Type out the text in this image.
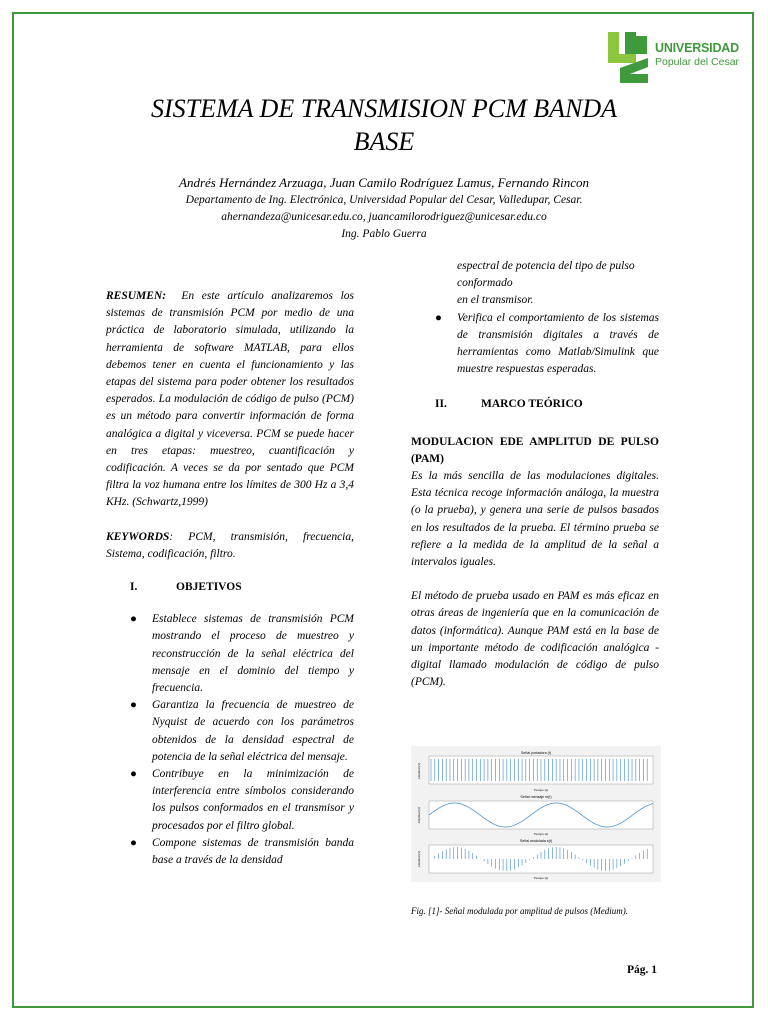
UNIVERSIDAD
Popular del Cesar
SISTEMA DE TRANSMISION PCM BANDA BASE
Andrés Hernández Arzuaga, Juan Camilo Rodríguez Lamus, Fernando Rincon
Departamento de Ing. Electrónica, Universidad Popular del Cesar, Valledupar, Cesar.
ahernandeza@unicesar.edu.co, juancamilorodriguez@unicesar.edu.co
Ing. Pablo Guerra

RESUMEN: En este artículo analizaremos los sistemas de transmisión PCM por medio de una práctica de laboratorio simulada, utilizando la herramienta de software MATLAB, para ellos debemos tener en cuenta el funcionamiento y las etapas del sistema para poder obtener los resultados esperados. La modulación de código de pulso (PCM) es un método para convertir información de forma analógica a digital y viceversa. PCM se puede hacer en tres etapas: muestreo, cuantificación y codificación. A veces se da por sentado que PCM filtra la voz humana entre los límites de 300 Hz a 3,4 KHz. (Schwartz,1999)

KEYWORDS: PCM, transmisión, frecuencia, Sistema, codificación, filtro.

I.	OBJETIVOS
● Establece sistemas de transmisión PCM mostrando el proceso de muestreo y reconstrucción de la señal eléctrica del mensaje en el dominio del tiempo y frecuencia.
● Garantiza la frecuencia de muestreo de Nyquist de acuerdo con los parámetros obtenidos de la densidad espectral de potencia de la señal eléctrica del mensaje.
● Contribuye en la minimización de interferencia entre símbolos considerando los pulsos conformados en el transmisor y procesados por el filtro global.
● Compone sistemas de transmisión banda base a través de la densidad
espectral de potencia del tipo de pulso conformado
en el transmisor.
● Verifica el comportamiento de los sistemas de transmisión digitales a través de herramientas como Matlab/Simulink que muestre respuestas esperadas.
II.	MARCO TEÓRICO

MODULACION EDE AMPLITUD DE PULSO (PAM)

Es la más sencilla de las modulaciones digitales. Esta técnica recoge información análoga, la muestra (o la prueba), y genera una serie de pulsos basados en los resultados de la prueba. El término prueba se refiere a la medida de la amplitud de la señal a intervalos iguales.

El método de prueba usado en PAM es más eficaz en otras áreas de ingeniería que en la comunicación de datos (informática). Aunque PAM está en la base de un importante método de codificación analógica - digital llamado modulación de código de pulso (PCM).

Señal portadora (t)
Amplitud (V)
Tiempo (s)
Señal mensaje m(t)
Amplitud (V)
Tiempo (s)
Señal modulada s(t)
Amplitud (V)
Tiempo (s)
Fig. [1]- Señal modulada por amplitud de pulsos (Medium).
Pág. 1
